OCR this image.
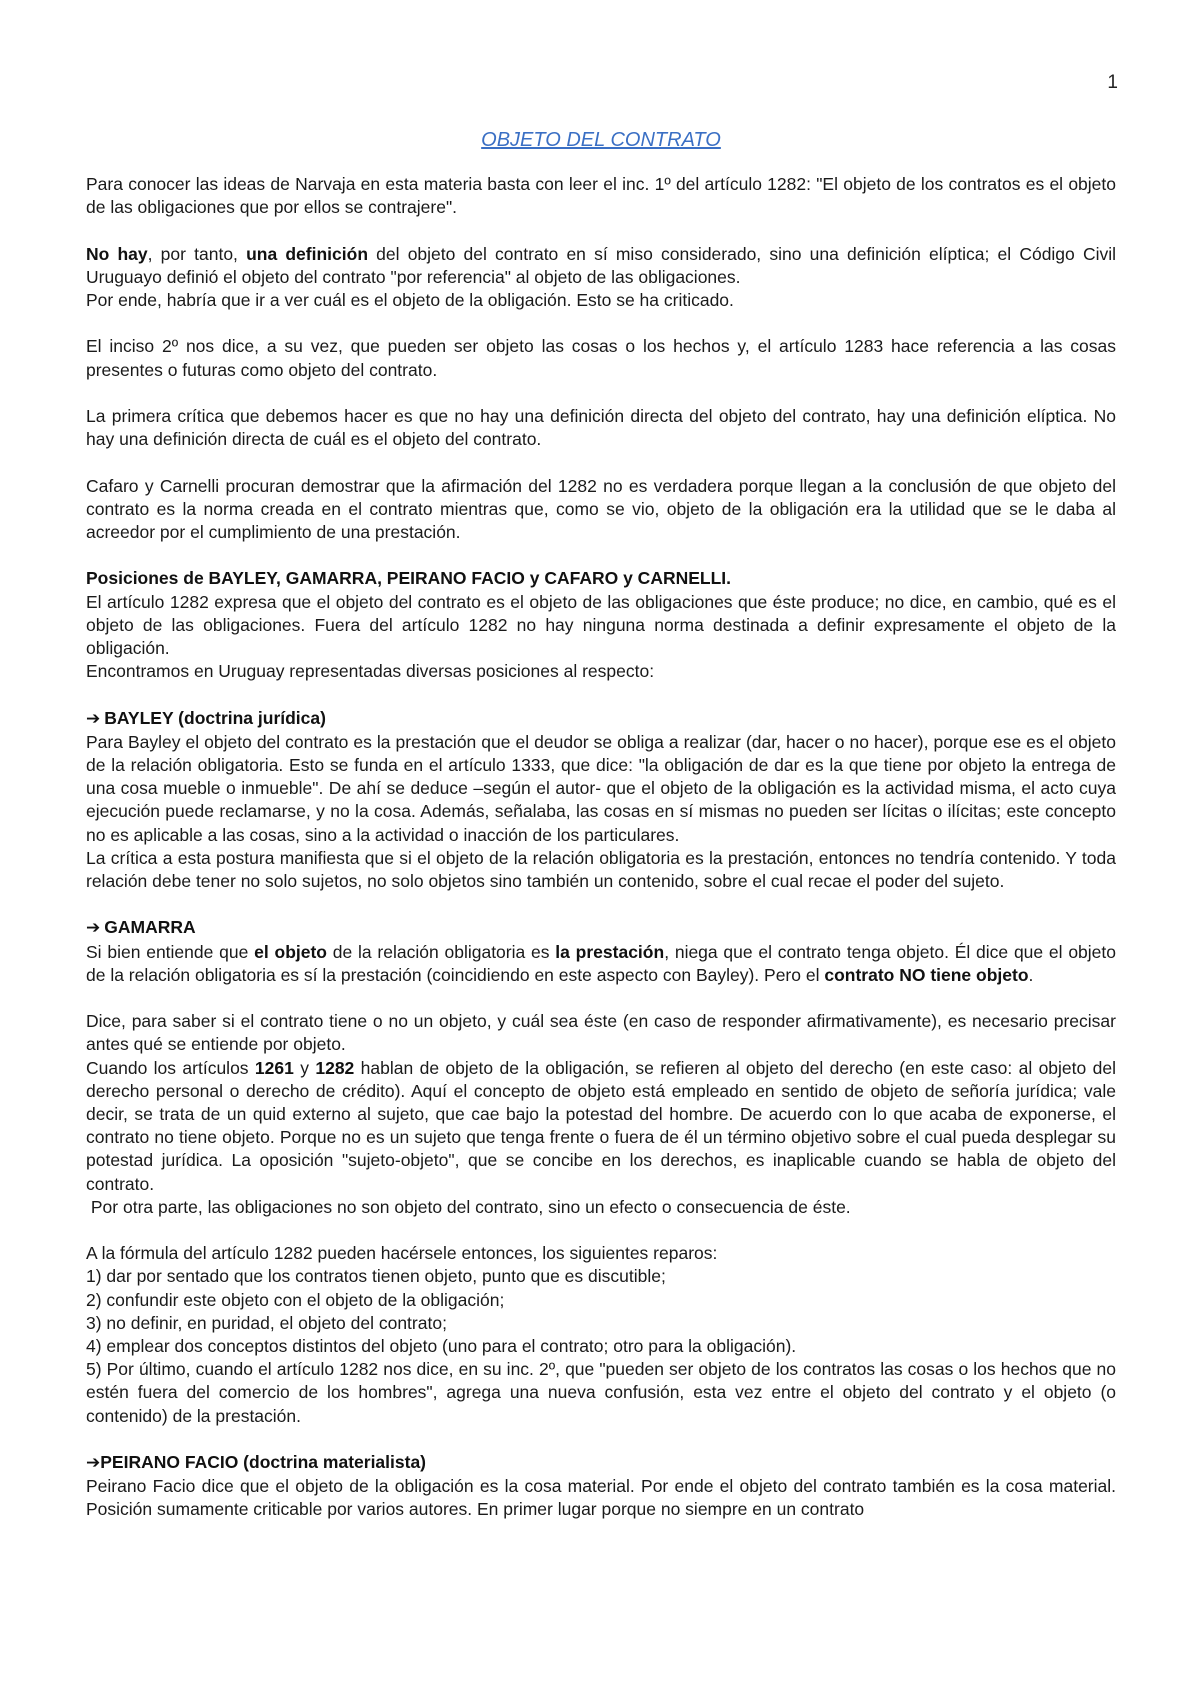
1
OBJETO DEL CONTRATO

Para conocer las ideas de Narvaja en esta materia basta con leer el inc. 1º del artículo 1282: "El objeto de los contratos es el objeto de las obligaciones que por ellos se contrajere".

No hay, por tanto, una definición del objeto del contrato en sí miso considerado, sino una definición elíptica; el Código Civil Uruguayo definió el objeto del contrato "por referencia" al objeto de las obligaciones.

Por ende, habría que ir a ver cuál es el objeto de la obligación. Esto se ha criticado.

El inciso 2º nos dice, a su vez, que pueden ser objeto las cosas o los hechos y, el artículo 1283 hace referencia a las cosas presentes o futuras como objeto del contrato.

La primera crítica que debemos hacer es que no hay una definición directa del objeto del contrato, hay una definición elíptica. No hay una definición directa de cuál es el objeto del contrato.

Cafaro y Carnelli procuran demostrar que la afirmación del 1282 no es verdadera porque llegan a la conclusión de que objeto del contrato es la norma creada en el contrato mientras que, como se vio, objeto de la obligación era la utilidad que se le daba al acreedor por el cumplimiento de una prestación.

Posiciones de BAYLEY, GAMARRA, PEIRANO FACIO y CAFARO y CARNELLI.

El artículo 1282 expresa que el objeto del contrato es el objeto de las obligaciones que éste produce; no dice, en cambio, qué es el objeto de las obligaciones. Fuera del artículo 1282 no hay ninguna norma destinada a definir expresamente el objeto de la obligación.

Encontramos en Uruguay representadas diversas posiciones al respecto:

➔ BAYLEY (doctrina jurídica)

Para Bayley el objeto del contrato es la prestación que el deudor se obliga a realizar (dar, hacer o no hacer), porque ese es el objeto de la relación obligatoria. Esto se funda en el artículo 1333, que dice: "la obligación de dar es la que tiene por objeto la entrega de una cosa mueble o inmueble". De ahí se deduce –según el autor- que el objeto de la obligación es la actividad misma, el acto cuya ejecución puede reclamarse, y no la cosa. Además, señalaba, las cosas en sí mismas no pueden ser lícitas o ilícitas; este concepto no es aplicable a las cosas, sino a la actividad o inacción de los particulares.

La crítica a esta postura manifiesta que si el objeto de la relación obligatoria es la prestación, entonces no tendría contenido. Y toda relación debe tener no solo sujetos, no solo objetos sino también un contenido, sobre el cual recae el poder del sujeto.

➔ GAMARRA

Si bien entiende que el objeto de la relación obligatoria es la prestación, niega que el contrato tenga objeto. Él dice que el objeto de la relación obligatoria es sí la prestación (coincidiendo en este aspecto con Bayley). Pero el contrato NO tiene objeto.

Dice, para saber si el contrato tiene o no un objeto, y cuál sea éste (en caso de responder afirmativamente), es necesario precisar antes qué se entiende por objeto.

Cuando los artículos 1261 y 1282 hablan de objeto de la obligación, se refieren al objeto del derecho (en este caso: al objeto del derecho personal o derecho de crédito). Aquí el concepto de objeto está empleado en sentido de objeto de señoría jurídica; vale decir, se trata de un quid externo al sujeto, que cae bajo la potestad del hombre. De acuerdo con lo que acaba de exponerse, el contrato no tiene objeto. Porque no es un sujeto que tenga frente o fuera de él un término objetivo sobre el cual pueda desplegar su potestad jurídica. La oposición "sujeto-objeto", que se concibe en los derechos, es inaplicable cuando se habla de objeto del contrato.

Por otra parte, las obligaciones no son objeto del contrato, sino un efecto o consecuencia de éste.

A la fórmula del artículo 1282 pueden hacérsele entonces, los siguientes reparos:

1) dar por sentado que los contratos tienen objeto, punto que es discutible;

2) confundir este objeto con el objeto de la obligación;

3) no definir, en puridad, el objeto del contrato;

4) emplear dos conceptos distintos del objeto (uno para el contrato; otro para la obligación).

5) Por último, cuando el artículo 1282 nos dice, en su inc. 2º, que "pueden ser objeto de los contratos las cosas o los hechos que no estén fuera del comercio de los hombres", agrega una nueva confusión, esta vez entre el objeto del contrato y el objeto (o contenido) de la prestación.

➔PEIRANO FACIO (doctrina materialista)

Peirano Facio dice que el objeto de la obligación es la cosa material. Por ende el objeto del contrato también es la cosa material. Posición sumamente criticable por varios autores. En primer lugar porque no siempre en un contrato
